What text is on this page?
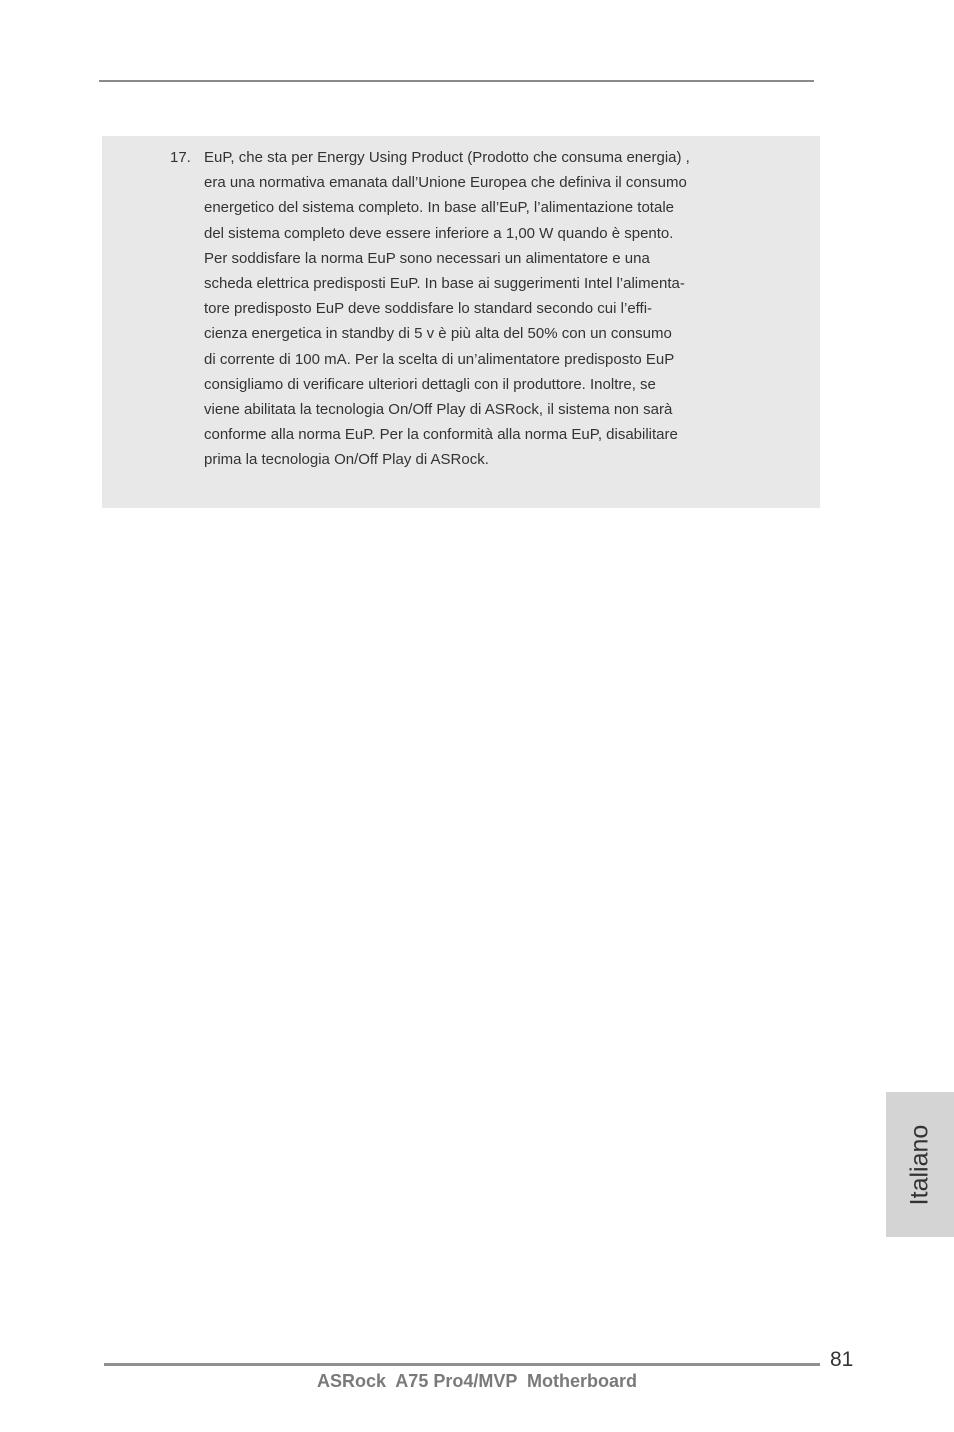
17. EuP, che sta per Energy Using Product (Prodotto che consuma energia) ,
era una normativa emanata dall’Unione Europea che definiva il consumo
energetico del sistema completo. In base all’EuP, l’alimentazione totale
del sistema completo deve essere inferiore a 1,00 W quando è spento.
Per soddisfare la norma EuP sono necessari un alimentatore e una
scheda elettrica predisposti EuP. In base ai suggerimenti Intel l’alimenta-
tore predisposto EuP deve soddisfare lo standard secondo cui l’effi-
cienza energetica in standby di 5 v è più alta del 50% con un consumo
di corrente di 100 mA. Per la scelta di un’alimentatore predisposto EuP
consigliamo di verificare ulteriori dettagli con il produttore. Inoltre, se
viene abilitata la tecnologia On/Off Play di ASRock, il sistema non sarà
conforme alla norma EuP. Per la conformità alla norma EuP, disabilitare
prima la tecnologia On/Off Play di ASRock.

Italiano
81
ASRock  A75 Pro4/MVP  Motherboard
